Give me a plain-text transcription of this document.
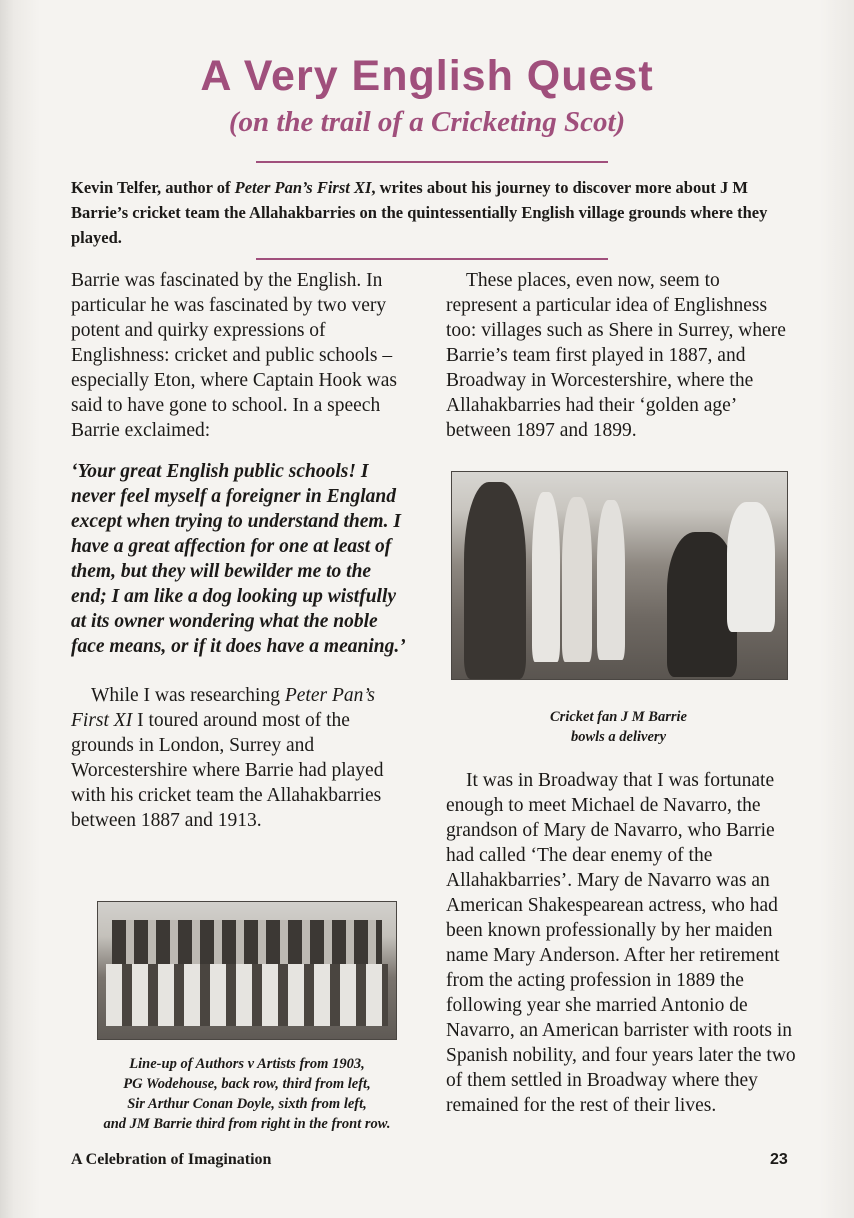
A Very English Quest
(on the trail of a Cricketing Scot)
Kevin Telfer, author of Peter Pan’s First XI, writes about his journey to discover more about J M Barrie’s cricket team the Allahakbarries on the quintessentially English village grounds where they played.

Barrie was fascinated by the English. In particular he was fascinated by two very potent and quirky expressions of Englishness: cricket and public schools – especially Eton, where Captain Hook was said to have gone to school. In a speech Barrie exclaimed:

‘Your great English public schools! I never feel myself a foreigner in England except when trying to understand them. I have a great affection for one at least of them, but they will bewilder me to the end; I am like a dog looking up wistfully at its owner wondering what the noble face means, or if it does have a meaning.’

While I was researching Peter Pan’s First XI I toured around most of the grounds in London, Surrey and Worcestershire where Barrie had played with his cricket team the Allahakbarries between 1887 and 1913.

These places, even now, seem to represent a particular idea of Englishness too: villages such as Shere in Surrey, where Barrie’s team first played in 1887, and Broadway in Worcestershire, where the Allahakbarries had their ‘golden age’ between 1897 and 1899.

Cricket fan J M Barrie
bowls a delivery

It was in Broadway that I was fortunate enough to meet Michael de Navarro, the grandson of Mary de Navarro, who Barrie had called ‘The dear enemy of the Allahakbarries’. Mary de Navarro was an American Shakespearean actress, who had been known professionally by her maiden name Mary Anderson. After her retirement from the acting profession in 1889 the following year she married Antonio de Navarro, an American barrister with roots in Spanish nobility, and four years later the two of them settled in Broadway where they remained for the rest of their lives.

Line-up of Authors v Artists from 1903,
PG Wodehouse, back row, third from left,
Sir Arthur Conan Doyle, sixth from left,
and JM Barrie third from right in the front row.
A Celebration of Imagination	23
